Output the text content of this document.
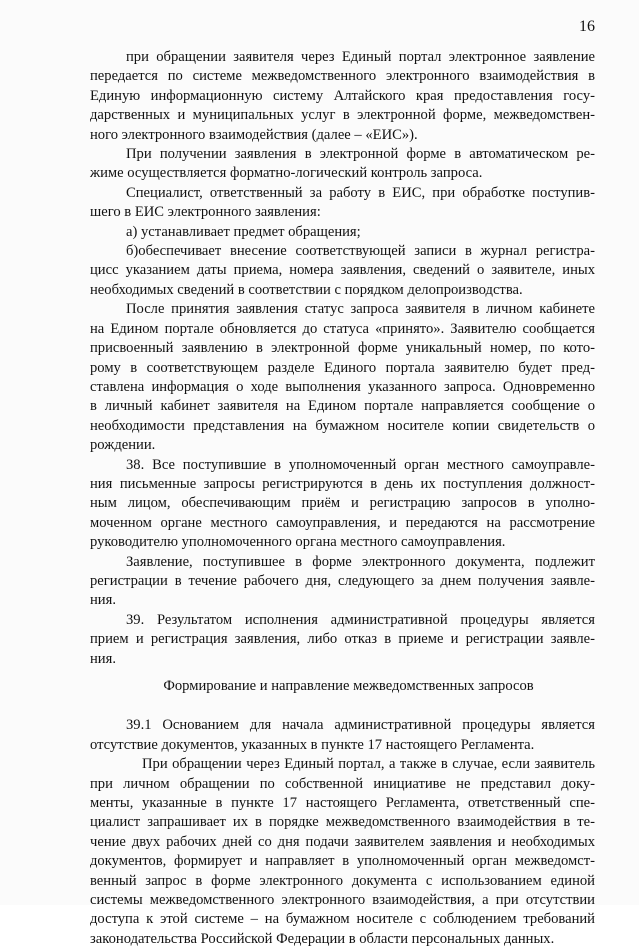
16
при обращении заявителя через Единый портал электронное заявление
передается по системе межведомственного электронного взаимодействия в
Единую информационную систему Алтайского края предоставления госу-
дарственных и муниципальных услуг в электронной форме, межведомствен-
ного электронного взаимодействия (далее – «ЕИС»).
При получении заявления в электронной форме в автоматическом ре-
жиме осуществляется форматно-логический контроль запроса.
Специалист, ответственный за работу в ЕИС, при обработке поступив-
шего в ЕИС электронного заявления:
а) устанавливает предмет обращения;
б)обеспечивает внесение соответствующей записи в журнал регистра-
цисс указанием даты приема, номера заявления, сведений о заявителе, иных
необходимых сведений в соответствии с порядком делопроизводства.
После принятия заявления статус запроса заявителя в личном кабинете
на Едином портале обновляется до статуса «принято». Заявителю сообщается
присвоенный заявлению в электронной форме уникальный номер, по кото-
рому в соответствующем разделе Единого портала заявителю будет пред-
ставлена информация о ходе выполнения указанного запроса. Одновременно
в личный кабинет заявителя на Едином портале направляется сообщение о
необходимости представления на бумажном носителе копии свидетельств о
рождении.
38. Все поступившие в уполномоченный орган местного самоуправле-
ния письменные запросы регистрируются в день их поступления должност-
ным лицом, обеспечивающим приём и регистрацию запросов в уполно-
моченном органе местного самоуправления, и передаются на рассмотрение
руководителю уполномоченного органа местного самоуправления.
Заявление, поступившее в форме электронного документа, подлежит
регистрации в течение рабочего дня, следующего за днем получения заявле-
ния.
39. Результатом исполнения административной процедуры является
прием и регистрация заявления, либо отказ в приеме и регистрации заявле-
ния.
Формирование и направление межведомственных запросов
39.1 Основанием для начала административной процедуры является
отсутствие документов, указанных в пункте 17 настоящего Регламента.
При обращении через Единый портал, а также в случае, если заявитель
при личном обращении по собственной инициативе не представил доку-
менты, указанные в пункте 17 настоящего Регламента, ответственный спе-
циалист запрашивает их в порядке межведомственного взаимодействия в те-
чение двух рабочих дней со дня подачи заявителем заявления и необходимых
документов, формирует и направляет в уполномоченный орган межведомст-
венный запрос в форме электронного документа с использованием единой
системы межведомственного электронного взаимодействия, а при отсутствии
доступа к этой системе – на бумажном носителе с соблюдением требований
законодательства Российской Федерации в области персональных данных.
